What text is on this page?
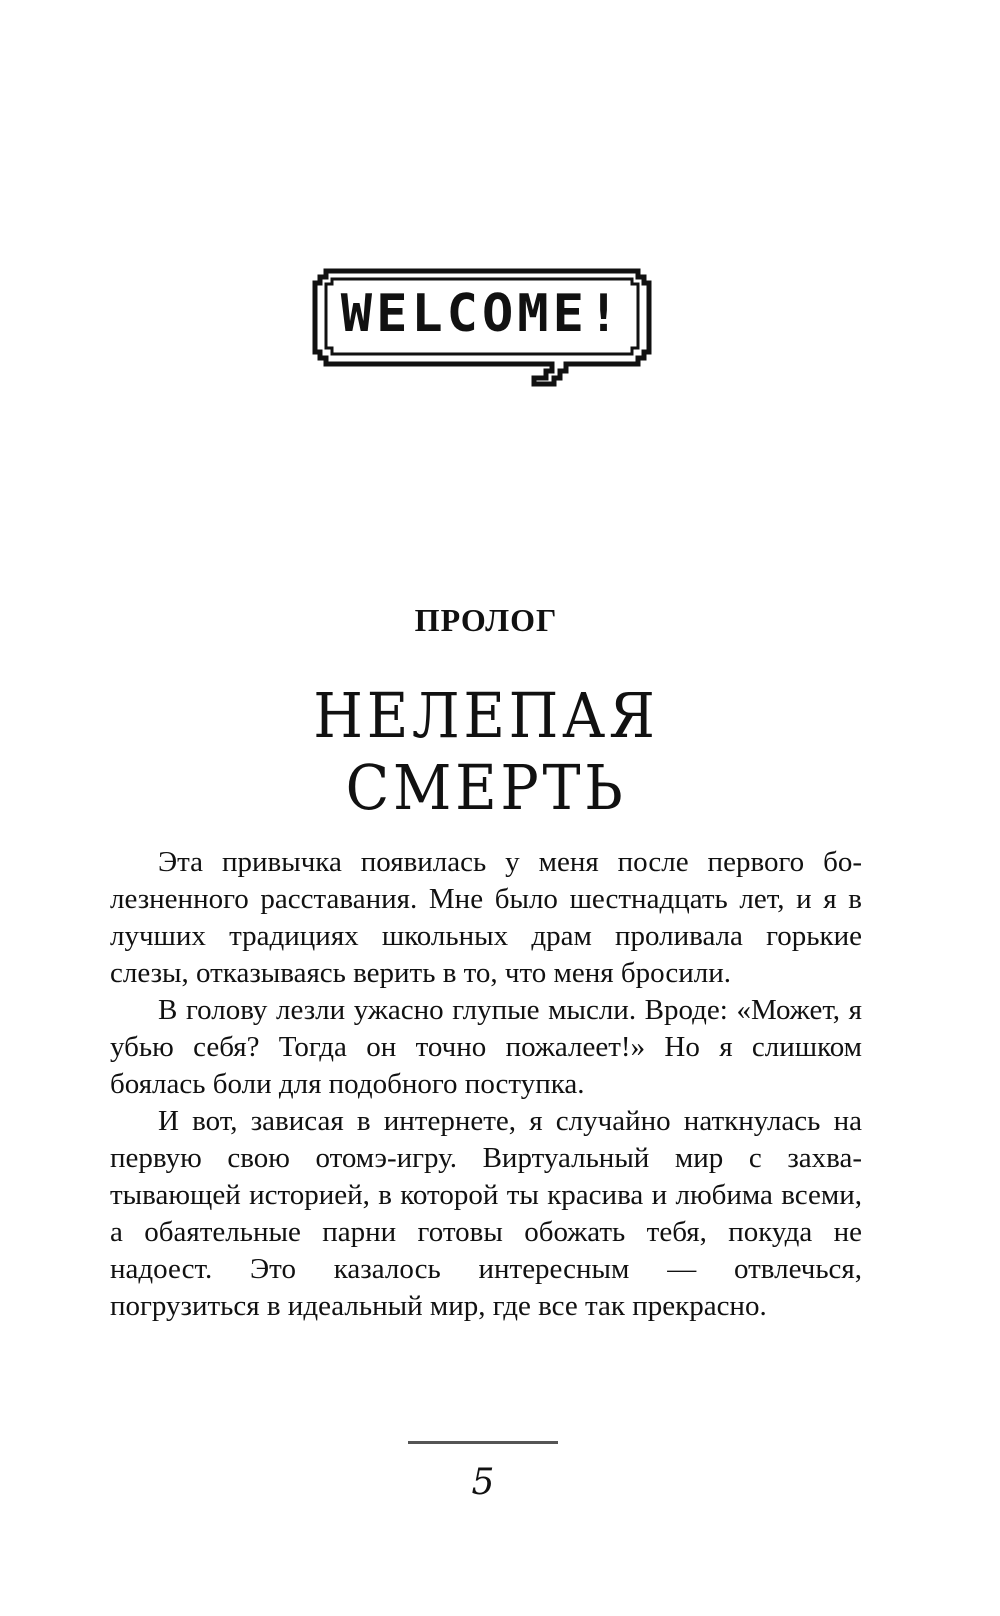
WELCOME!

ПРОЛОГ

НЕЛЕПАЯ
СМЕРТЬ

Эта привычка появилась у меня после первого болезненного расставания. Мне было шестнадцать лет, и я в лучших традициях школьных драм проливала горькие слезы, отказываясь верить в то, что меня бросили.

В голову лезли ужасно глупые мысли. Вроде: «Может, я убью себя? Тогда он точно пожалеет!» Но я слишком боялась боли для подобного поступка.

И вот, зависая в интернете, я случайно наткнулась на первую свою отомэ-игру. Виртуальный мир с захватывающей историей, в которой ты красива и любима всеми, а обаятельные парни готовы обожать тебя, покуда не надоест. Это казалось интересным — отвлечься, погрузиться в идеальный мир, где все так прекрасно.

5
